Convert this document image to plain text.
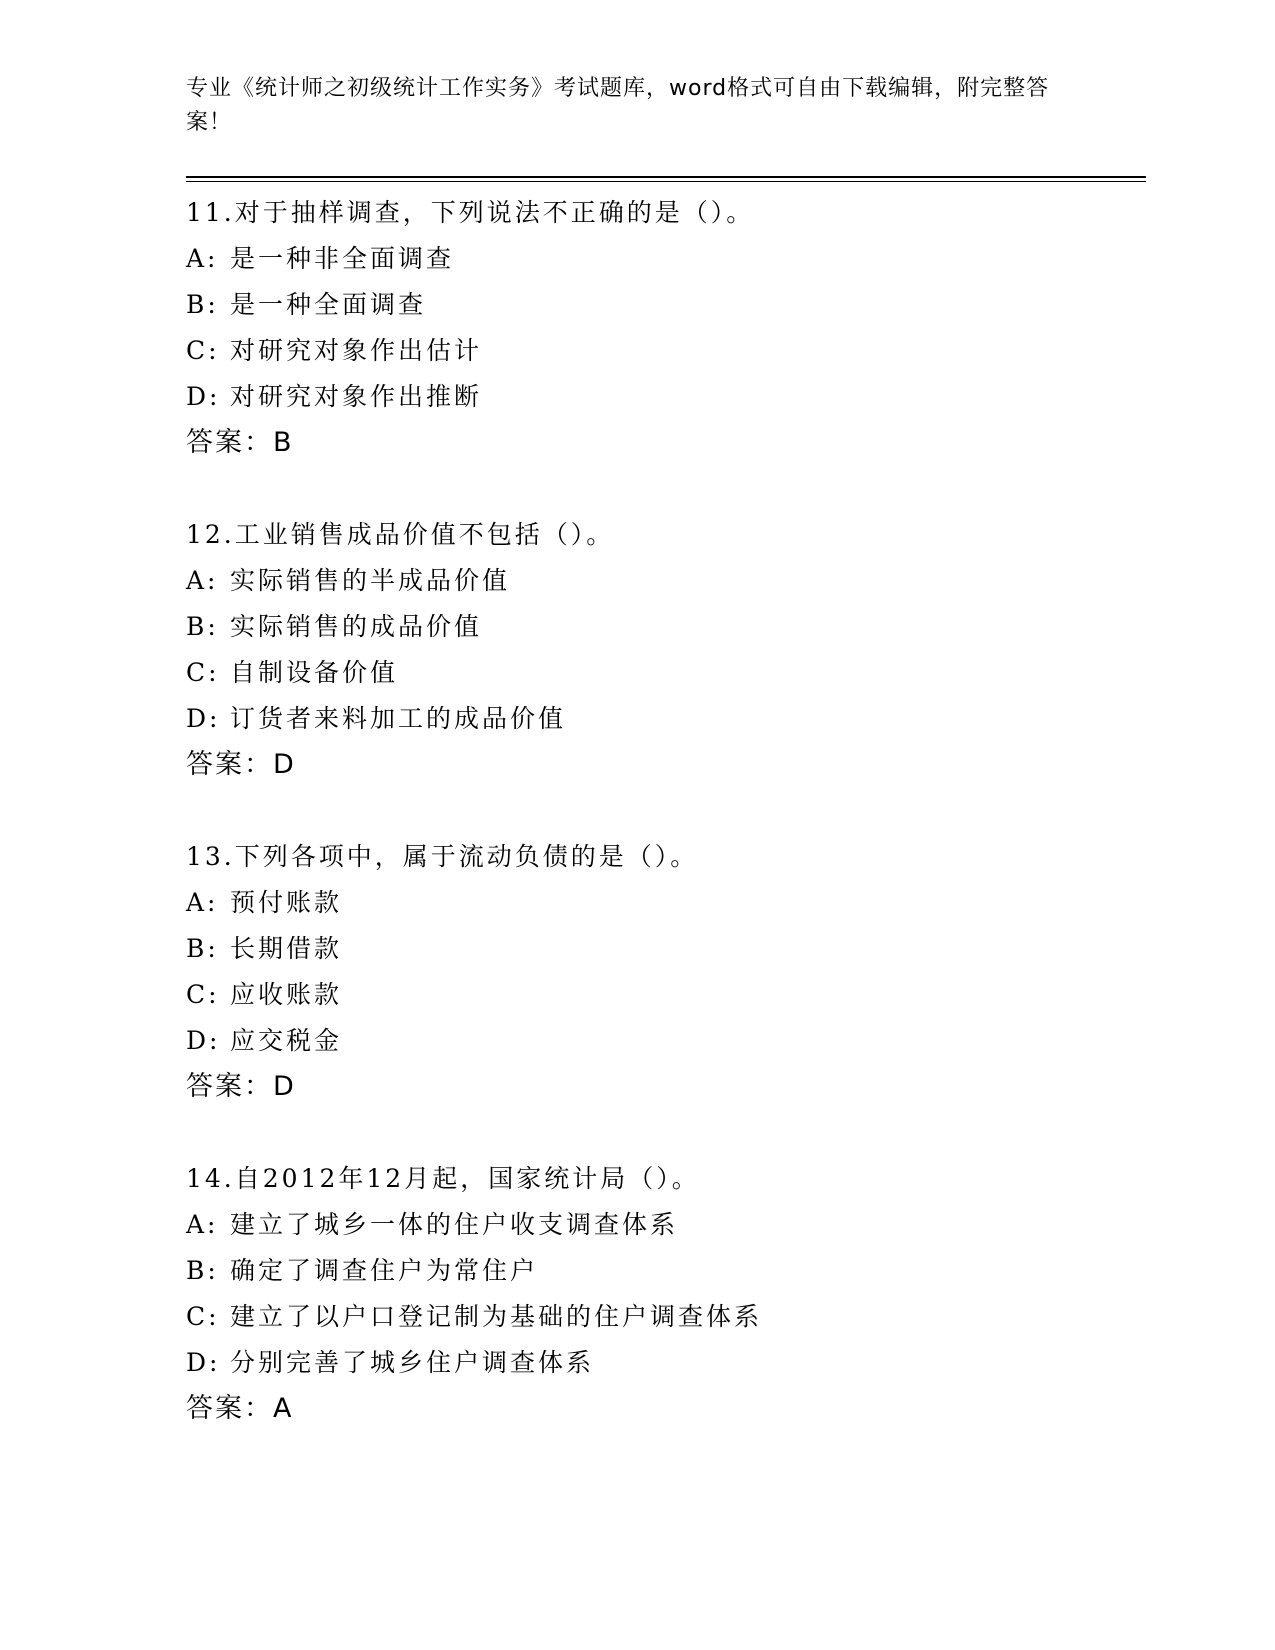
专业《统计师之初级统计工作实务》考试题库，word格式可自由下载编辑，附完整答案！
11.对于抽样调查，下列说法不正确的是（）。
A: 是一种非全面调查
B: 是一种全面调查
C: 对研究对象作出估计
D: 对研究对象作出推断
答案：B
12.工业销售成品价值不包括（）。
A: 实际销售的半成品价值
B: 实际销售的成品价值
C: 自制设备价值
D: 订货者来料加工的成品价值
答案：D
13.下列各项中，属于流动负债的是（）。
A: 预付账款
B: 长期借款
C: 应收账款
D: 应交税金
答案：D
14.自2012年12月起，国家统计局（）。
A: 建立了城乡一体的住户收支调查体系
B: 确定了调查住户为常住户
C: 建立了以户口登记制为基础的住户调查体系
D: 分别完善了城乡住户调查体系
答案：A
